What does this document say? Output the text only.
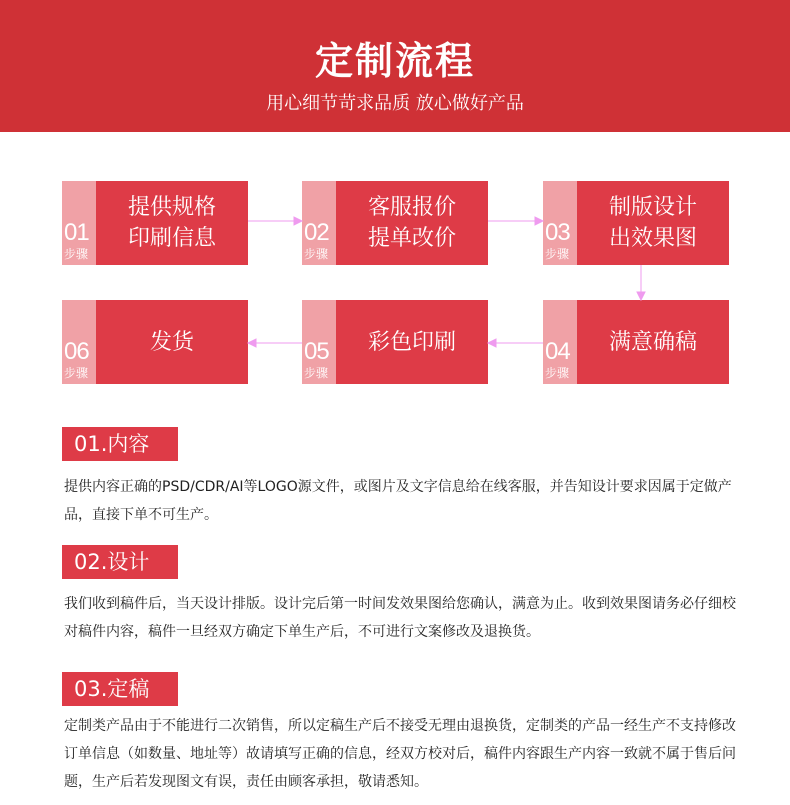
定制流程

用心细节苛求品质 放心做好产品

01
步骤
提供规格
印刷信息	02
步骤
客服报价
提单改价	03
步骤
制版设计
出效果图
04
步骤
满意确稿
05
步骤
彩色印刷
06
步骤
发货
01.内容
提供内容正确的PSD/CDR/AI等LOGO源文件，或图片及文字信息给在线客服，并告知设计要求因属于定做产品，直接下单不可生产。
02.设计
我们收到稿件后，当天设计排版。设计完后第一时间发效果图给您确认，满意为止。收到效果图请务必仔细校对稿件内容，稿件一旦经双方确定下单生产后，不可进行文案修改及退换货。
03.定稿
定制类产品由于不能进行二次销售，所以定稿生产后不接受无理由退换货，定制类的产品一经生产不支持修改订单信息（如数量、地址等）故请填写正确的信息，经双方校对后，稿件内容跟生产内容一致就不属于售后问题，生产后若发现图文有误，责任由顾客承担，敬请悉知。
